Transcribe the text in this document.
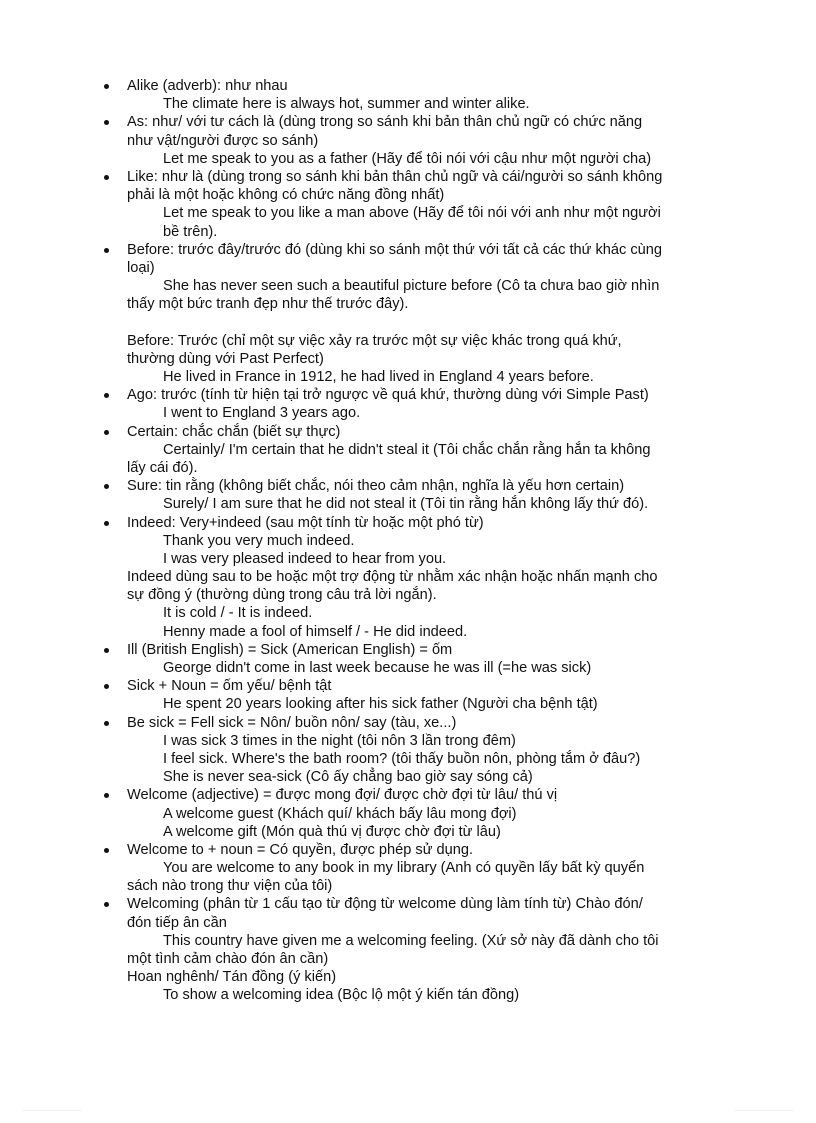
Alike (adverb): như nhau
The climate here is always hot, summer and winter alike.
As: như/ với tư cách là (dùng trong so sánh khi bản thân chủ ngữ có chức năng
như vật/người được so sánh)
Let me speak to you as a father (Hãy để tôi nói với cậu như một người cha)
Like: như là (dùng trong so sánh khi bản thân chủ ngữ và cái/người so sánh không
phải là một hoặc không có chức năng đồng nhất)
Let me speak to you like a man above (Hãy để tôi nói với anh như một người
bề trên).
Before: trước đây/trước đó (dùng khi so sánh một thứ với tất cả các thứ khác cùng
loại)
She has never seen such a beautiful picture before (Cô ta chưa bao giờ nhìn
thấy một bức tranh đẹp như thế trước đây).
Before: Trước (chỉ một sự việc xảy ra trước một sự việc khác trong quá khứ,
thường dùng với Past Perfect)
He lived in France in 1912, he had lived in England 4 years before.
Ago: trước (tính từ hiện tại trở ngược về quá khứ, thường dùng với Simple Past)
I went to England 3 years ago.
Certain: chắc chắn (biết sự thực)
Certainly/ I'm certain that he didn't steal it (Tôi chắc chắn rằng hắn ta không
lấy cái đó).
Sure: tin rằng (không biết chắc, nói theo cảm nhận, nghĩa là yếu hơn certain)
Surely/ I am sure that he did not steal it (Tôi tin rằng hắn không lấy thứ đó).
Indeed: Very+indeed (sau một tính từ hoặc một phó từ)
Thank you very much indeed.
I was very pleased indeed to hear from you.
Indeed dùng sau to be hoặc một trợ động từ nhằm xác nhận hoặc nhấn mạnh cho
sự đồng ý (thường dùng trong câu trả lời ngắn).
It is cold / - It is indeed.
Henny made a fool of himself / - He did indeed.
Ill (British English) = Sick (American English) = ốm
George didn't come in last week because he was ill (=he was sick)
Sick + Noun = ốm yếu/ bệnh tật
He spent 20 years looking after his sick father (Người cha bệnh tật)
Be sick = Fell sick = Nôn/ buồn nôn/ say (tàu, xe...)
I was sick 3 times in the night (tôi nôn 3 lần trong đêm)
I feel sick. Where's the bath room? (tôi thấy buồn nôn, phòng tắm ở đâu?)
She is never sea-sick (Cô ấy chẳng bao giờ say sóng cả)
Welcome (adjective) = được mong đợi/ được chờ đợi từ lâu/ thú vị
A welcome guest (Khách quí/ khách bấy lâu mong đợi)
A welcome gift (Món quà thú vị được chờ đợi từ lâu)
Welcome to + noun = Có quyền, được phép sử dụng.
You are welcome to any book in my library (Anh có quyền lấy bất kỳ quyển
sách nào trong thư viện của tôi)
Welcoming (phân từ 1 cấu tạo từ động từ welcome dùng làm tính từ) Chào đón/
đón tiếp ân cần
This country have given me a welcoming feeling. (Xứ sở này đã dành cho tôi
một tình cảm chào đón ân cần)
Hoan nghênh/ Tán đồng (ý kiến)
To show a welcoming idea (Bộc lộ một ý kiến tán đồng)
